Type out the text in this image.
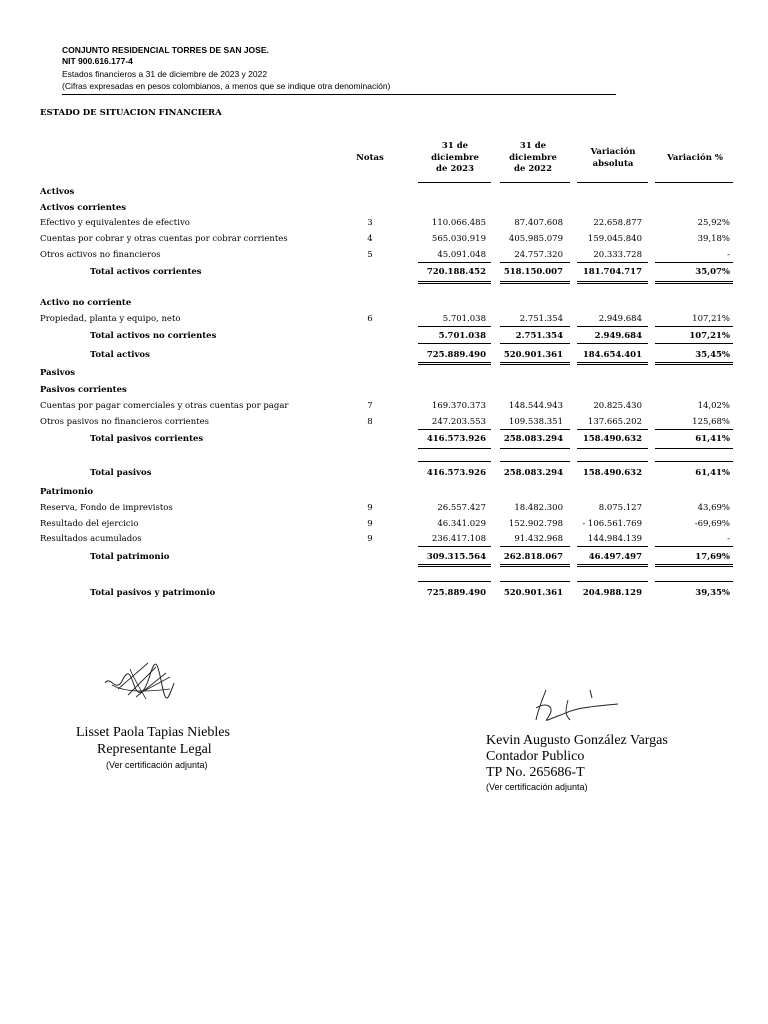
CONJUNTO RESIDENCIAL TORRES DE SAN JOSE.
NIT 900.616.177-4
Estados financieros a 31 de diciembre de 2023 y 2022
(Cifras expresadas en pesos colombianos, a menos que se indique otra denominación)
ESTADO DE SITUACION FINANCIERA
Notas
31 de
diciembre
de 2023
31 de
diciembre
de 2022
Variación
absoluta
Variación %
Activos
Activos corrientes
Efectivo y equivalentes de efectivo	3	110.066.485	87.407.608	22.658.877	25,92%
Cuentas por cobrar y otras cuentas por cobrar corrientes	4	565.030.919	405.985.079	159.045.840	39,18%
Otros activos no financieros	5	45.091.048	24.757.320	20.333.728	-
Total activos corrientes	720.188.452	518.150.007	181.704.717	35,07%
Activo no corriente
Propiedad, planta y equipo, neto	6	5.701.038	2.751.354	2.949.684	107,21%
Total activos no corrientes	5.701.038	2.751.354	2.949.684	107,21%
Total activos	725.889.490	520.901.361	184.654.401	35,45%
Pasivos
Pasivos corrientes
Cuentas por pagar comerciales y otras cuentas por pagar	7	169.370.373	148.544.943	20.825.430	14,02%
Otros pasivos no financieros corrientes	8	247.203.553	109.538.351	137.665.202	125,68%
Total pasivos corrientes	416.573.926	258.083.294	158.490.632	61,41%
Total pasivos	416.573.926	258.083.294	158.490.632	61,41%
Patrimonio
Reserva, Fondo de imprevistos	9	26.557.427	18.482.300	8.075.127	43,69%
Resultado del ejercicio	9	46.341.029	152.902.798	- 106.561.769	-69,69%
Resultados acumulados	9	236.417.108	91.432.968	144.984.139	-
Total patrimonio	309.315.564	262.818.067	46.497.497	17,69%
Total pasivos y patrimonio	725.889.490	520.901.361	204.988.129	39,35%
Lisset Paola Tapias Niebles
Representante Legal
(Ver certificación adjunta)
Kevin Augusto González Vargas
Contador Publico
TP No. 265686-T
(Ver certificación adjunta)
